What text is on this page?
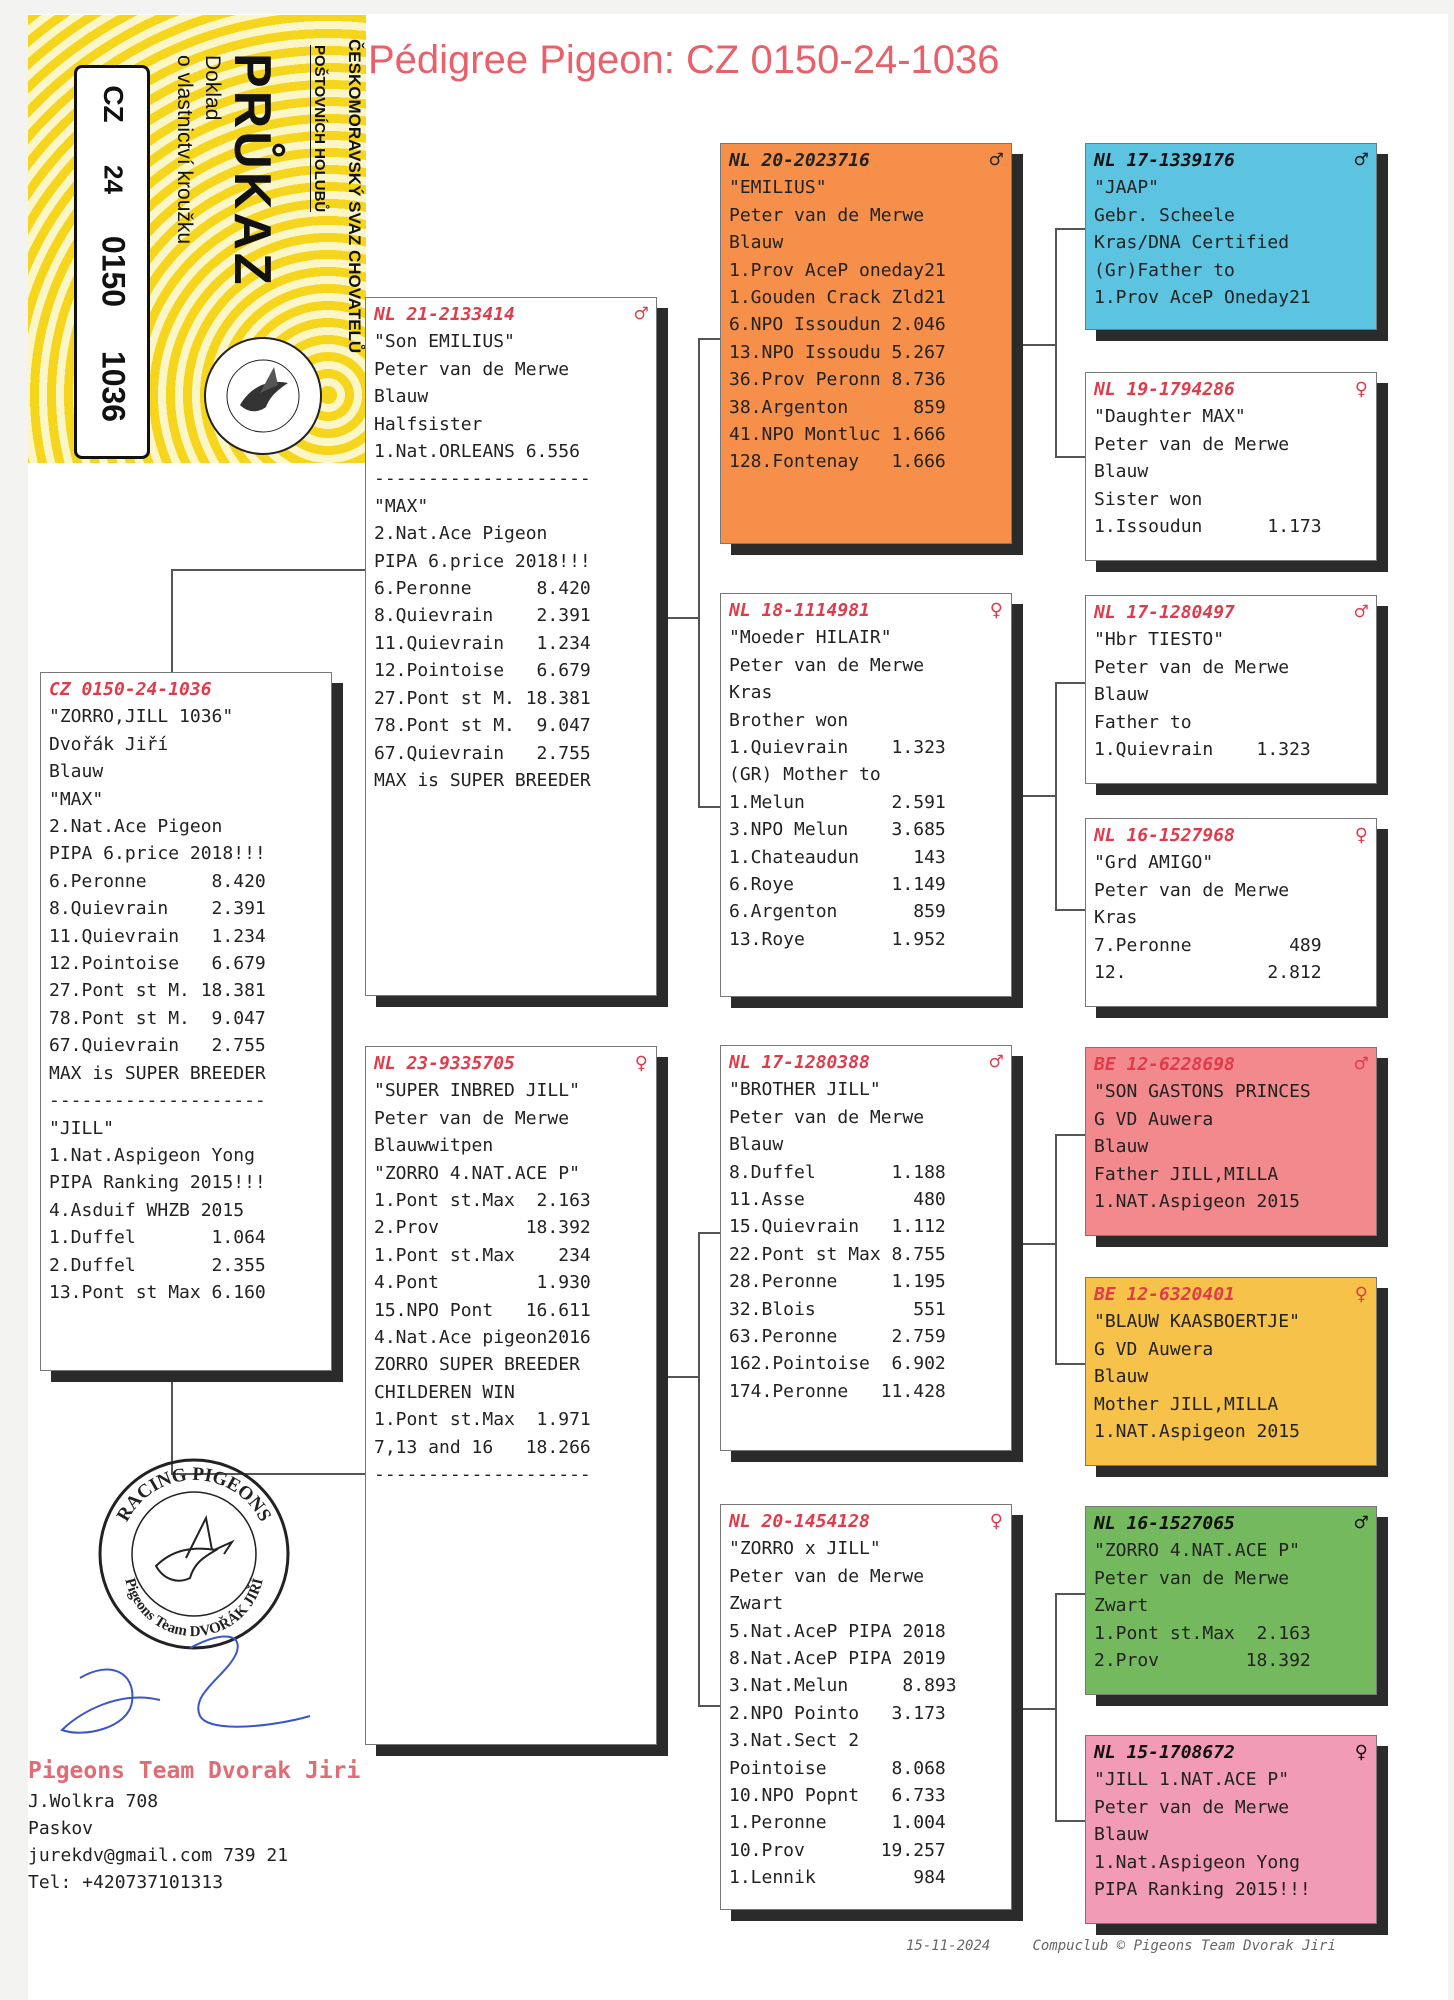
CZ
24
0150
1036
PRŮKAZ
Doklad
o vlastnictví kroužku	ČESKOMORAVSKÝ SVAZ CHOVATELŮ
POŠTOVNÍCH HOLUBŮ Pédigree Pigeon: CZ 0150-24-1036
CZ 0150-24-1036
"ZORRO,JILL 1036"
Dvořák Jiří
Blauw
"MAX"
2.Nat.Ace Pigeon
PIPA 6.price 2018!!!
6.Peronne      8.420
8.Quievrain    2.391
11.Quievrain   1.234
12.Pointoise   6.679
27.Pont st M. 18.381
78.Pont st M.  9.047
67.Quievrain   2.755
MAX is SUPER BREEDER
--------------------
"JILL"
1.Nat.Aspigeon Yong
PIPA Ranking 2015!!!
4.Asduif WHZB 2015
1.Duffel       1.064
2.Duffel       2.355
13.Pont st Max 6.160
NL 21-2133414	♂
"Son EMILIUS"
Peter van de Merwe
Blauw
Halfsister
1.Nat.ORLEANS 6.556
--------------------
"MAX"
2.Nat.Ace Pigeon
PIPA 6.price 2018!!!
6.Peronne      8.420
8.Quievrain    2.391
11.Quievrain   1.234
12.Pointoise   6.679
27.Pont st M. 18.381
78.Pont st M.  9.047
67.Quievrain   2.755
MAX is SUPER BREEDER
NL 23-9335705	♀
"SUPER INBRED JILL"
Peter van de Merwe
Blauwwitpen
"ZORRO 4.NAT.ACE P"
1.Pont st.Max  2.163
2.Prov        18.392
1.Pont st.Max    234
4.Pont         1.930
15.NPO Pont   16.611
4.Nat.Ace pigeon2016
ZORRO SUPER BREEDER
CHILDEREN WIN
1.Pont st.Max  1.971
7,13 and 16   18.266
--------------------
NL 20-2023716	♂
"EMILIUS"
Peter van de Merwe
Blauw
1.Prov AceP oneday21
1.Gouden Crack Zld21
6.NPO Issoudun 2.046
13.NPO Issoudu 5.267
36.Prov Peronn 8.736
38.Argenton      859
41.NPO Montluc 1.666
128.Fontenay   1.666
NL 18-1114981	♀
"Moeder HILAIR"
Peter van de Merwe
Kras
Brother won
1.Quievrain    1.323
(GR) Mother to
1.Melun        2.591
3.NPO Melun    3.685
1.Chateaudun     143
6.Roye         1.149
6.Argenton       859
13.Roye        1.952
NL 17-1280388	♂
"BROTHER JILL"
Peter van de Merwe
Blauw
8.Duffel       1.188
11.Asse          480
15.Quievrain   1.112
22.Pont st Max 8.755
28.Peronne     1.195
32.Blois         551
63.Peronne     2.759
162.Pointoise  6.902
174.Peronne   11.428
NL 20-1454128	♀
"ZORRO x JILL"
Peter van de Merwe
Zwart
5.Nat.AceP PIPA 2018
8.Nat.AceP PIPA 2019
3.Nat.Melun     8.893
2.NPO Pointo   3.173
3.Nat.Sect 2
Pointoise      8.068
10.NPO Popnt   6.733
1.Peronne      1.004
10.Prov       19.257
1.Lennik         984
NL 17-1339176	♂
"JAAP"
Gebr. Scheele
Kras/DNA Certified
(Gr)Father to
1.Prov AceP Oneday21
NL 19-1794286	♀
"Daughter MAX"
Peter van de Merwe
Blauw
Sister won
1.Issoudun      1.173
NL 17-1280497	♂
"Hbr TIESTO"
Peter van de Merwe
Blauw
Father to
1.Quievrain    1.323
NL 16-1527968	♀
"Grd AMIGO"
Peter van de Merwe
Kras
7.Peronne         489
12.             2.812
BE 12-6228698	♂
"SON GASTONS PRINCES
G VD Auwera
Blauw
Father JILL,MILLA
1.NAT.Aspigeon 2015
BE 12-6320401	♀
"BLAUW KAASBOERTJE"
G VD Auwera
Blauw
Mother JILL,MILLA
1.NAT.Aspigeon 2015
NL 16-1527065	♂
"ZORRO 4.NAT.ACE P"
Peter van de Merwe
Zwart
1.Pont st.Max  2.163
2.Prov        18.392
NL 15-1708672	♀
"JILL 1.NAT.ACE P"
Peter van de Merwe
Blauw
1.Nat.Aspigeon Yong
PIPA Ranking 2015!!!
RACING PIGEONS
Pigeons Team DVOŘÁK JIŘÍ
Pigeons Team Dvorak Jiri
J.Wolkra 708
Paskov
jurekdv@gmail.com 739 21
Tel: +420737101313
15-11-2024	Compuclub © Pigeons Team Dvorak Jiri
